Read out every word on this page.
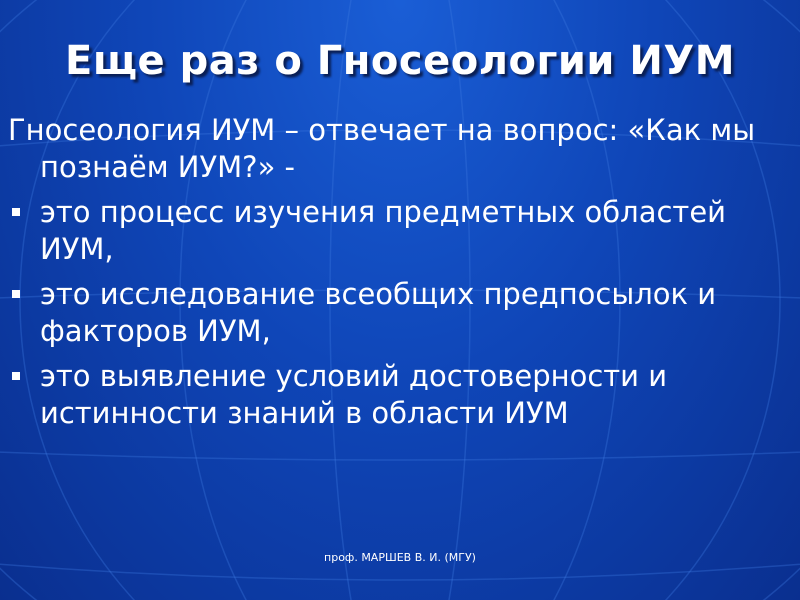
Еще раз о Гносеологии ИУМ

Гносеология ИУМ – отвечает на вопрос: «Как мы познаём ИУМ?» -

это процесс изучения предметных областей ИУМ,
это исследование всеобщих предпосылок и факторов ИУМ,
это выявление условий достоверности и истинности знаний в области ИУМ
проф. МАРШЕВ В. И. (МГУ)
